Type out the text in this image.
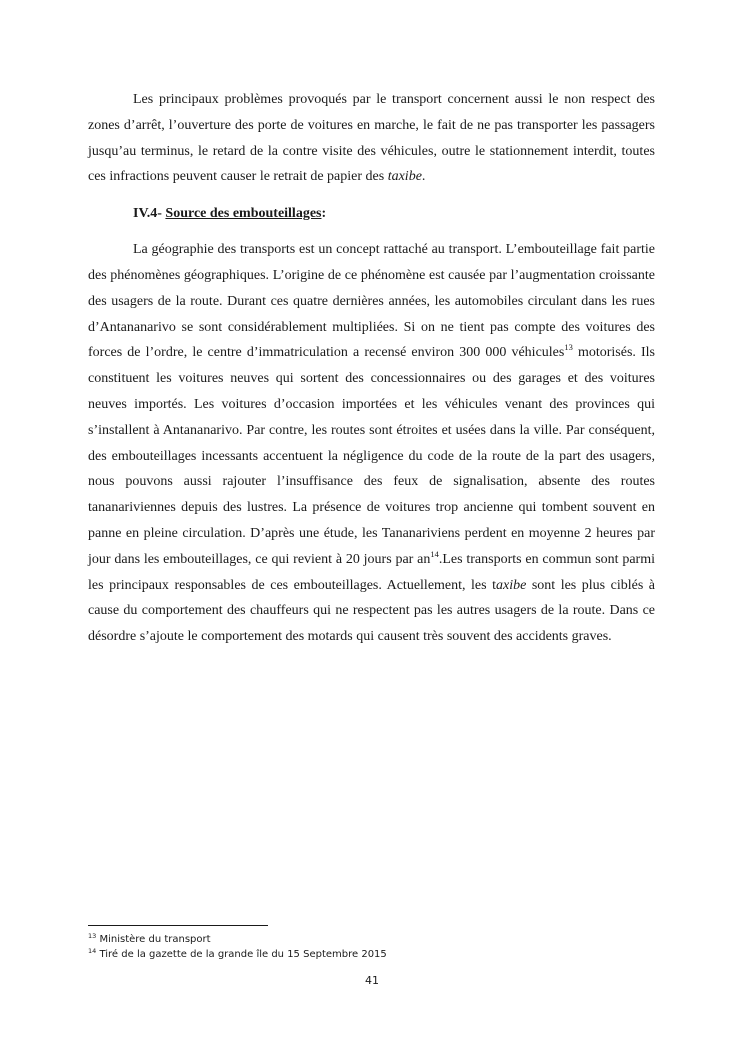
Les principaux problèmes provoqués par le transport concernent aussi le non respect des zones d’arrêt, l’ouverture des porte de voitures en marche, le fait de ne pas transporter les passagers jusqu’au terminus, le retard de la contre visite des véhicules, outre le stationnement interdit, toutes ces infractions peuvent causer le retrait de papier des taxibe.

IV.4- Source des embouteillages:

La géographie des transports est un concept rattaché au transport. L’embouteillage fait partie des phénomènes géographiques. L’origine de ce phénomène est causée par l’augmentation croissante des usagers de la route. Durant ces quatre dernières années, les automobiles circulant dans les rues d’Antananarivo se sont considérablement multipliées. Si on ne tient pas compte des voitures des forces de l’ordre, le centre d’immatriculation a recensé environ 300 000 véhicules$^{13}$ motorisés. Ils constituent les voitures neuves qui sortent des concessionnaires ou des garages et des voitures neuves importés. Les voitures d’occasion importées et les véhicules venant des provinces qui s’installent à Antananarivo. Par contre, les routes sont étroites et usées dans la ville. Par conséquent, des embouteillages incessants accentuent la négligence du code de la route de la part des usagers, nous pouvons aussi rajouter l’insuffisance des feux de signalisation, absente des routes tananariviennes depuis des lustres. La présence de voitures trop ancienne qui tombent souvent en panne en pleine circulation. D’après une étude, les Tananariviens perdent en moyenne 2 heures par jour dans les embouteillages, ce qui revient à 20 jours par $an^{14}.Les$ transports en commun sont parmi les principaux responsables de ces embouteillages. Actuellement, les taxibe sont les plus ciblés à cause du comportement des chauffeurs qui ne respectent pas les autres usagers de la route. Dans ce désordre s’ajoute le comportement des motards qui causent très souvent des accidents graves.

$^{13}$ Ministère du transport
$^{14}$ Tiré de la gazette de la grande île du 15 Septembre 2015
41
